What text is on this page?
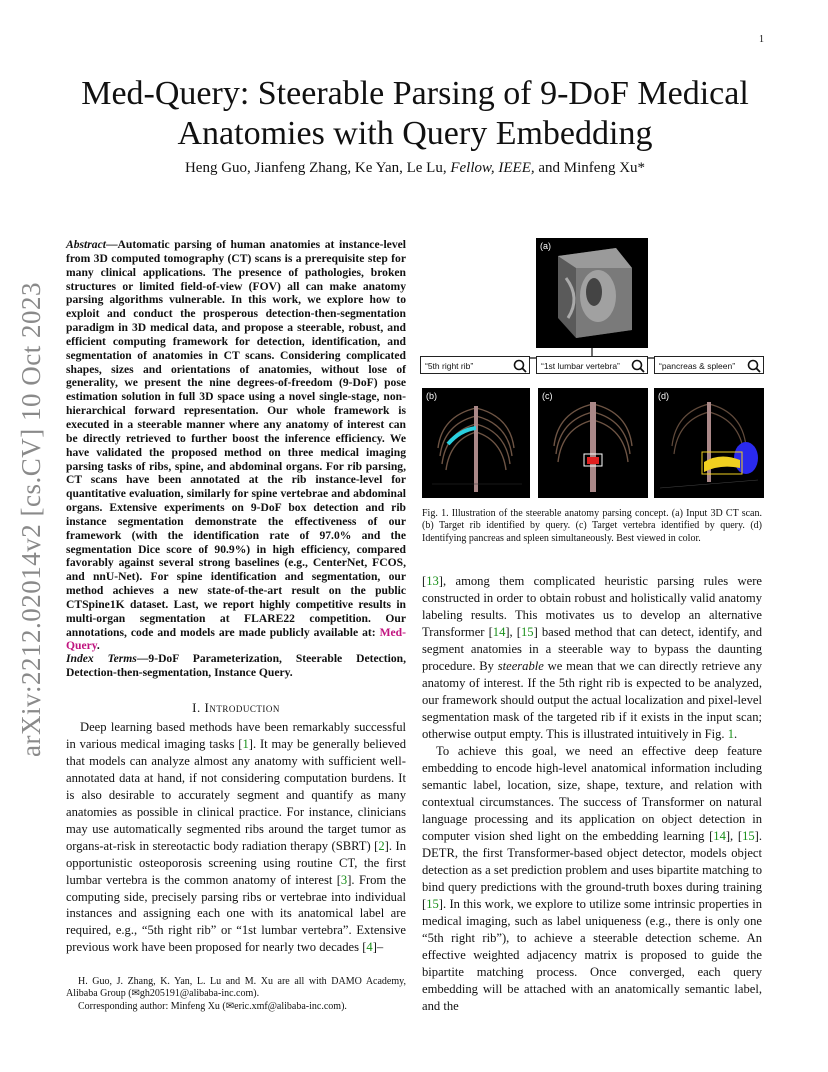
1
arXiv:2212.02014v2 [cs.CV] 10 Oct 2023
Med-Query: Steerable Parsing of 9-DoF Medical Anatomies with Query Embedding
Heng Guo, Jianfeng Zhang, Ke Yan, Le Lu, Fellow, IEEE, and Minfeng Xu*
Abstract—Automatic parsing of human anatomies at instance-level from 3D computed tomography (CT) scans is a prerequisite step for many clinical applications. The presence of pathologies, broken structures or limited field-of-view (FOV) all can make anatomy parsing algorithms vulnerable. In this work, we explore how to exploit and conduct the prosperous detection-then-segmentation paradigm in 3D medical data, and propose a steerable, robust, and efficient computing framework for detection, identification, and segmentation of anatomies in CT scans. Considering complicated shapes, sizes and orientations of anatomies, without lose of generality, we present the nine degrees-of-freedom (9-DoF) pose estimation solution in full 3D space using a novel single-stage, non-hierarchical forward representation. Our whole framework is executed in a steerable manner where any anatomy of interest can be directly retrieved to further boost the inference efficiency. We have validated the proposed method on three medical imaging parsing tasks of ribs, spine, and abdominal organs. For rib parsing, CT scans have been annotated at the rib instance-level for quantitative evaluation, similarly for spine vertebrae and abdominal organs. Extensive experiments on 9-DoF box detection and rib instance segmentation demonstrate the effectiveness of our framework (with the identification rate of 97.0% and the segmentation Dice score of 90.9%) in high efficiency, compared favorably against several strong baselines (e.g., CenterNet, FCOS, and nnU-Net). For spine identification and segmentation, our method achieves a new state-of-the-art result on the public CTSpine1K dataset. Last, we report highly competitive results in multi-organ segmentation at FLARE22 competition. Our annotations, code and models are made publicly available at: Med-Query.
Index Terms—9-DoF Parameterization, Steerable Detection, Detection-then-segmentation, Instance Query.
I. Introduction

Deep learning based methods have been remarkably successful in various medical imaging tasks [1]. It may be generally believed that models can analyze almost any anatomy with sufficient well-annotated data at hand, if not considering computation burdens. It is also desirable to accurately segment and quantify as many anatomies as possible in clinical practice. For instance, clinicians may use automatically segmented ribs around the target tumor as organs-at-risk in stereotactic body radiation therapy (SBRT) [2]. In opportunistic osteoporosis screening using routine CT, the first lumbar vertebra is the common anatomy of interest [3]. From the computing side, precisely parsing ribs or vertebrae into individual instances and assigning each one with its anatomical label are required, e.g., “5th right rib” or “1st lumbar vertebra”. Extensive previous work have been proposed for nearly two decades [4]–

H. Guo, J. Zhang, K. Yan, L. Lu and M. Xu are all with DAMO Academy, Alibaba Group (✉gh205191@alibaba-inc.com).

Corresponding author: Minfeng Xu (✉eric.xmf@alibaba-inc.com).

(a)
“5th right rib”	“1st lumbar vertebra”	“pancreas & spleen”
(b)	(c)	(d)
Fig. 1. Illustration of the steerable anatomy parsing concept. (a) Input 3D CT scan. (b) Target rib identified by query. (c) Target vertebra identified by query. (d) Identifying pancreas and spleen simultaneously. Best viewed in color.

[13], among them complicated heuristic parsing rules were constructed in order to obtain robust and holistically valid anatomy labeling results. This motivates us to develop an alternative Transformer [14], [15] based method that can detect, identify, and segment anatomies in a steerable way to bypass the daunting procedure. By steerable we mean that we can directly retrieve any anatomy of interest. If the 5th right rib is expected to be analyzed, our framework should output the actual localization and pixel-level segmentation mask of the targeted rib if it exists in the input scan; otherwise output empty. This is illustrated intuitively in Fig. 1.

To achieve this goal, we need an effective deep feature embedding to encode high-level anatomical information including semantic label, location, size, shape, texture, and relation with contextual circumstances. The success of Transformer on natural language processing and its application on object detection in computer vision shed light on the embedding learning [14], [15]. DETR, the first Transformer-based object detector, models object detection as a set prediction problem and uses bipartite matching to bind query predictions with the ground-truth boxes during training [15]. In this work, we explore to utilize some intrinsic properties in medical imaging, such as label uniqueness (e.g., there is only one “5th right rib”), to achieve a steerable detection scheme. An effective weighted adjacency matrix is proposed to guide the bipartite matching process. Once converged, each query embedding will be attached with an anatomically semantic label, and the
